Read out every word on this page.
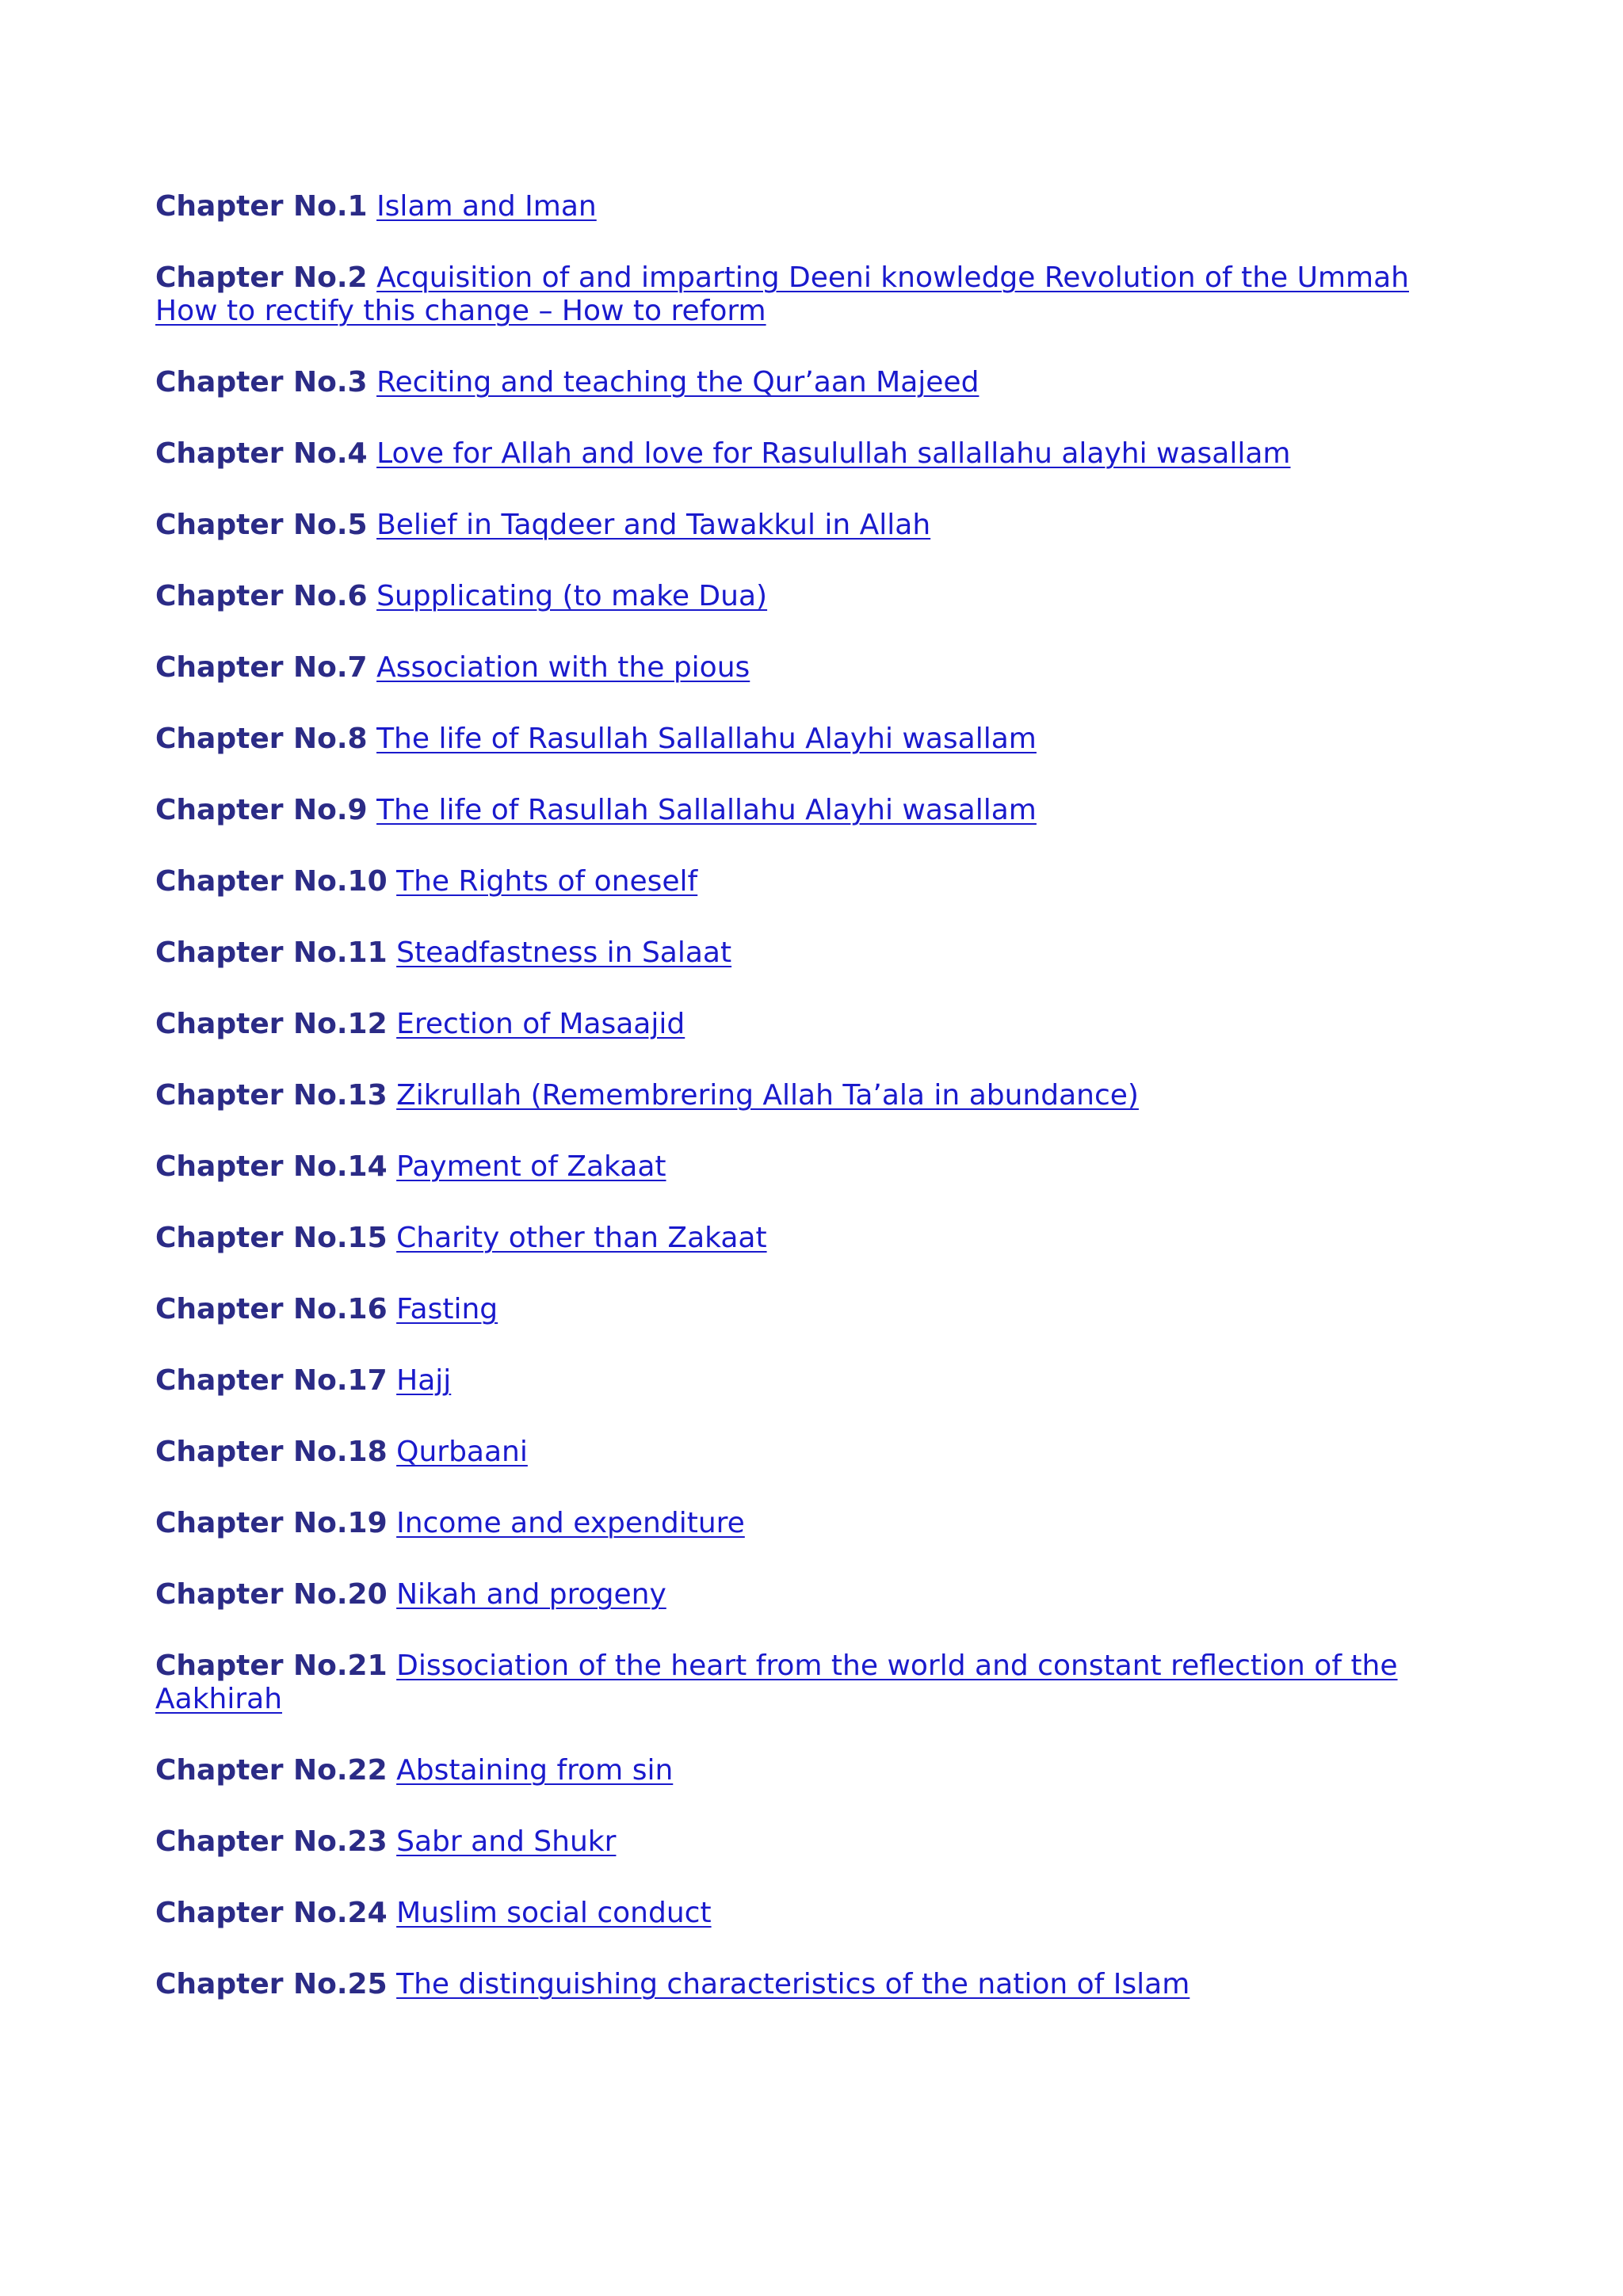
Chapter No.1 Islam and Iman

Chapter No.2 Acquisition of and imparting Deeni knowledge Revolution of the Ummah How to rectify this change – How to reform

Chapter No.3 Reciting and teaching the Qur’aan Majeed

Chapter No.4 Love for Allah and love for Rasulullah sallallahu alayhi wasallam

Chapter No.5 Belief in Taqdeer and Tawakkul in Allah

Chapter No.6 Supplicating (to make Dua)

Chapter No.7 Association with the pious

Chapter No.8 The life of Rasullah Sallallahu Alayhi wasallam

Chapter No.9 The life of Rasullah Sallallahu Alayhi wasallam

Chapter No.10 The Rights of oneself

Chapter No.11 Steadfastness in Salaat

Chapter No.12 Erection of Masaajid

Chapter No.13 Zikrullah (Remembrering Allah Ta’ala in abundance)

Chapter No.14 Payment of Zakaat

Chapter No.15 Charity other than Zakaat

Chapter No.16 Fasting

Chapter No.17 Hajj

Chapter No.18 Qurbaani

Chapter No.19 Income and expenditure

Chapter No.20 Nikah and progeny

Chapter No.21 Dissociation of the heart from the world and constant reflection of the Aakhirah

Chapter No.22 Abstaining from sin

Chapter No.23 Sabr and Shukr

Chapter No.24 Muslim social conduct

Chapter No.25 The distinguishing characteristics of the nation of Islam
